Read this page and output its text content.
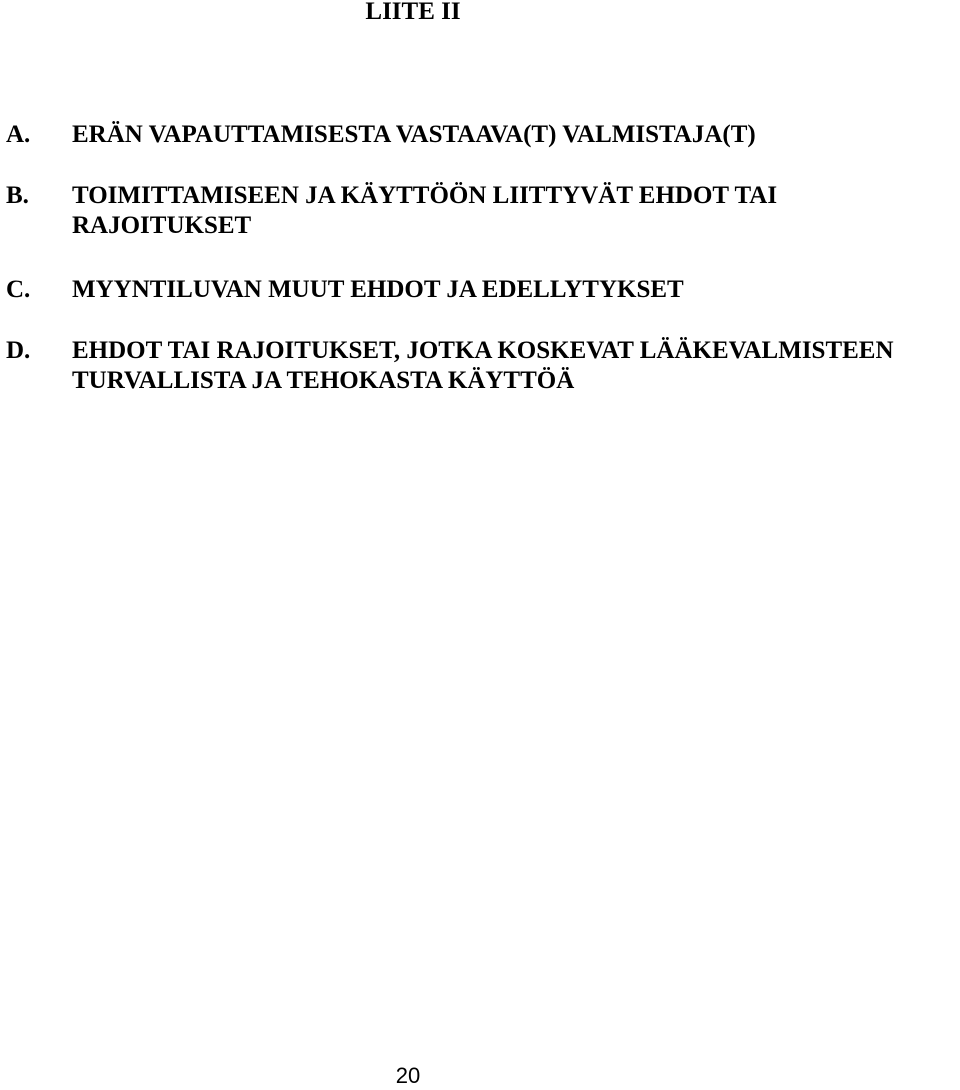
LIITE II
A. ERÄN VAPAUTTAMISESTA VASTAAVA(T) VALMISTAJA(T)
B. TOIMITTAMISEEN JA KÄYTTÖÖN LIITTYVÄT EHDOT TAI
RAJOITUKSET
C. MYYNTILUVAN MUUT EHDOT JA EDELLYTYKSET
D. EHDOT TAI RAJOITUKSET, JOTKA KOSKEVAT LÄÄKEVALMISTEEN
TURVALLISTA JA TEHOKASTA KÄYTTÖÄ
20
